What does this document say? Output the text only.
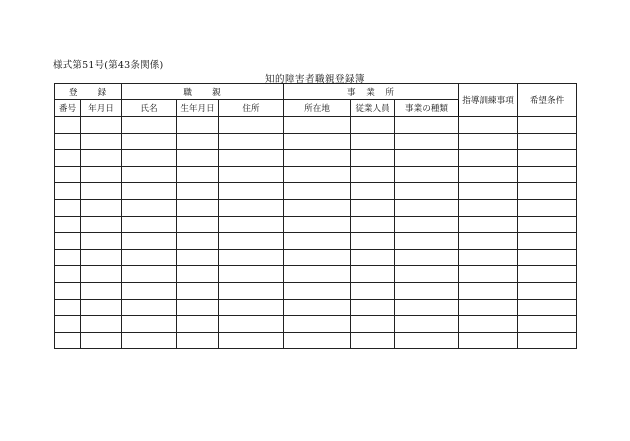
様式第51号(第43条関係)
知的障害者職親登録簿
登　　録		職　　親			事　業　所			指導訓練事項	希望条件
番号	年月日	氏名	生年月日	住所	所在地	従業人員	事業の種類		
